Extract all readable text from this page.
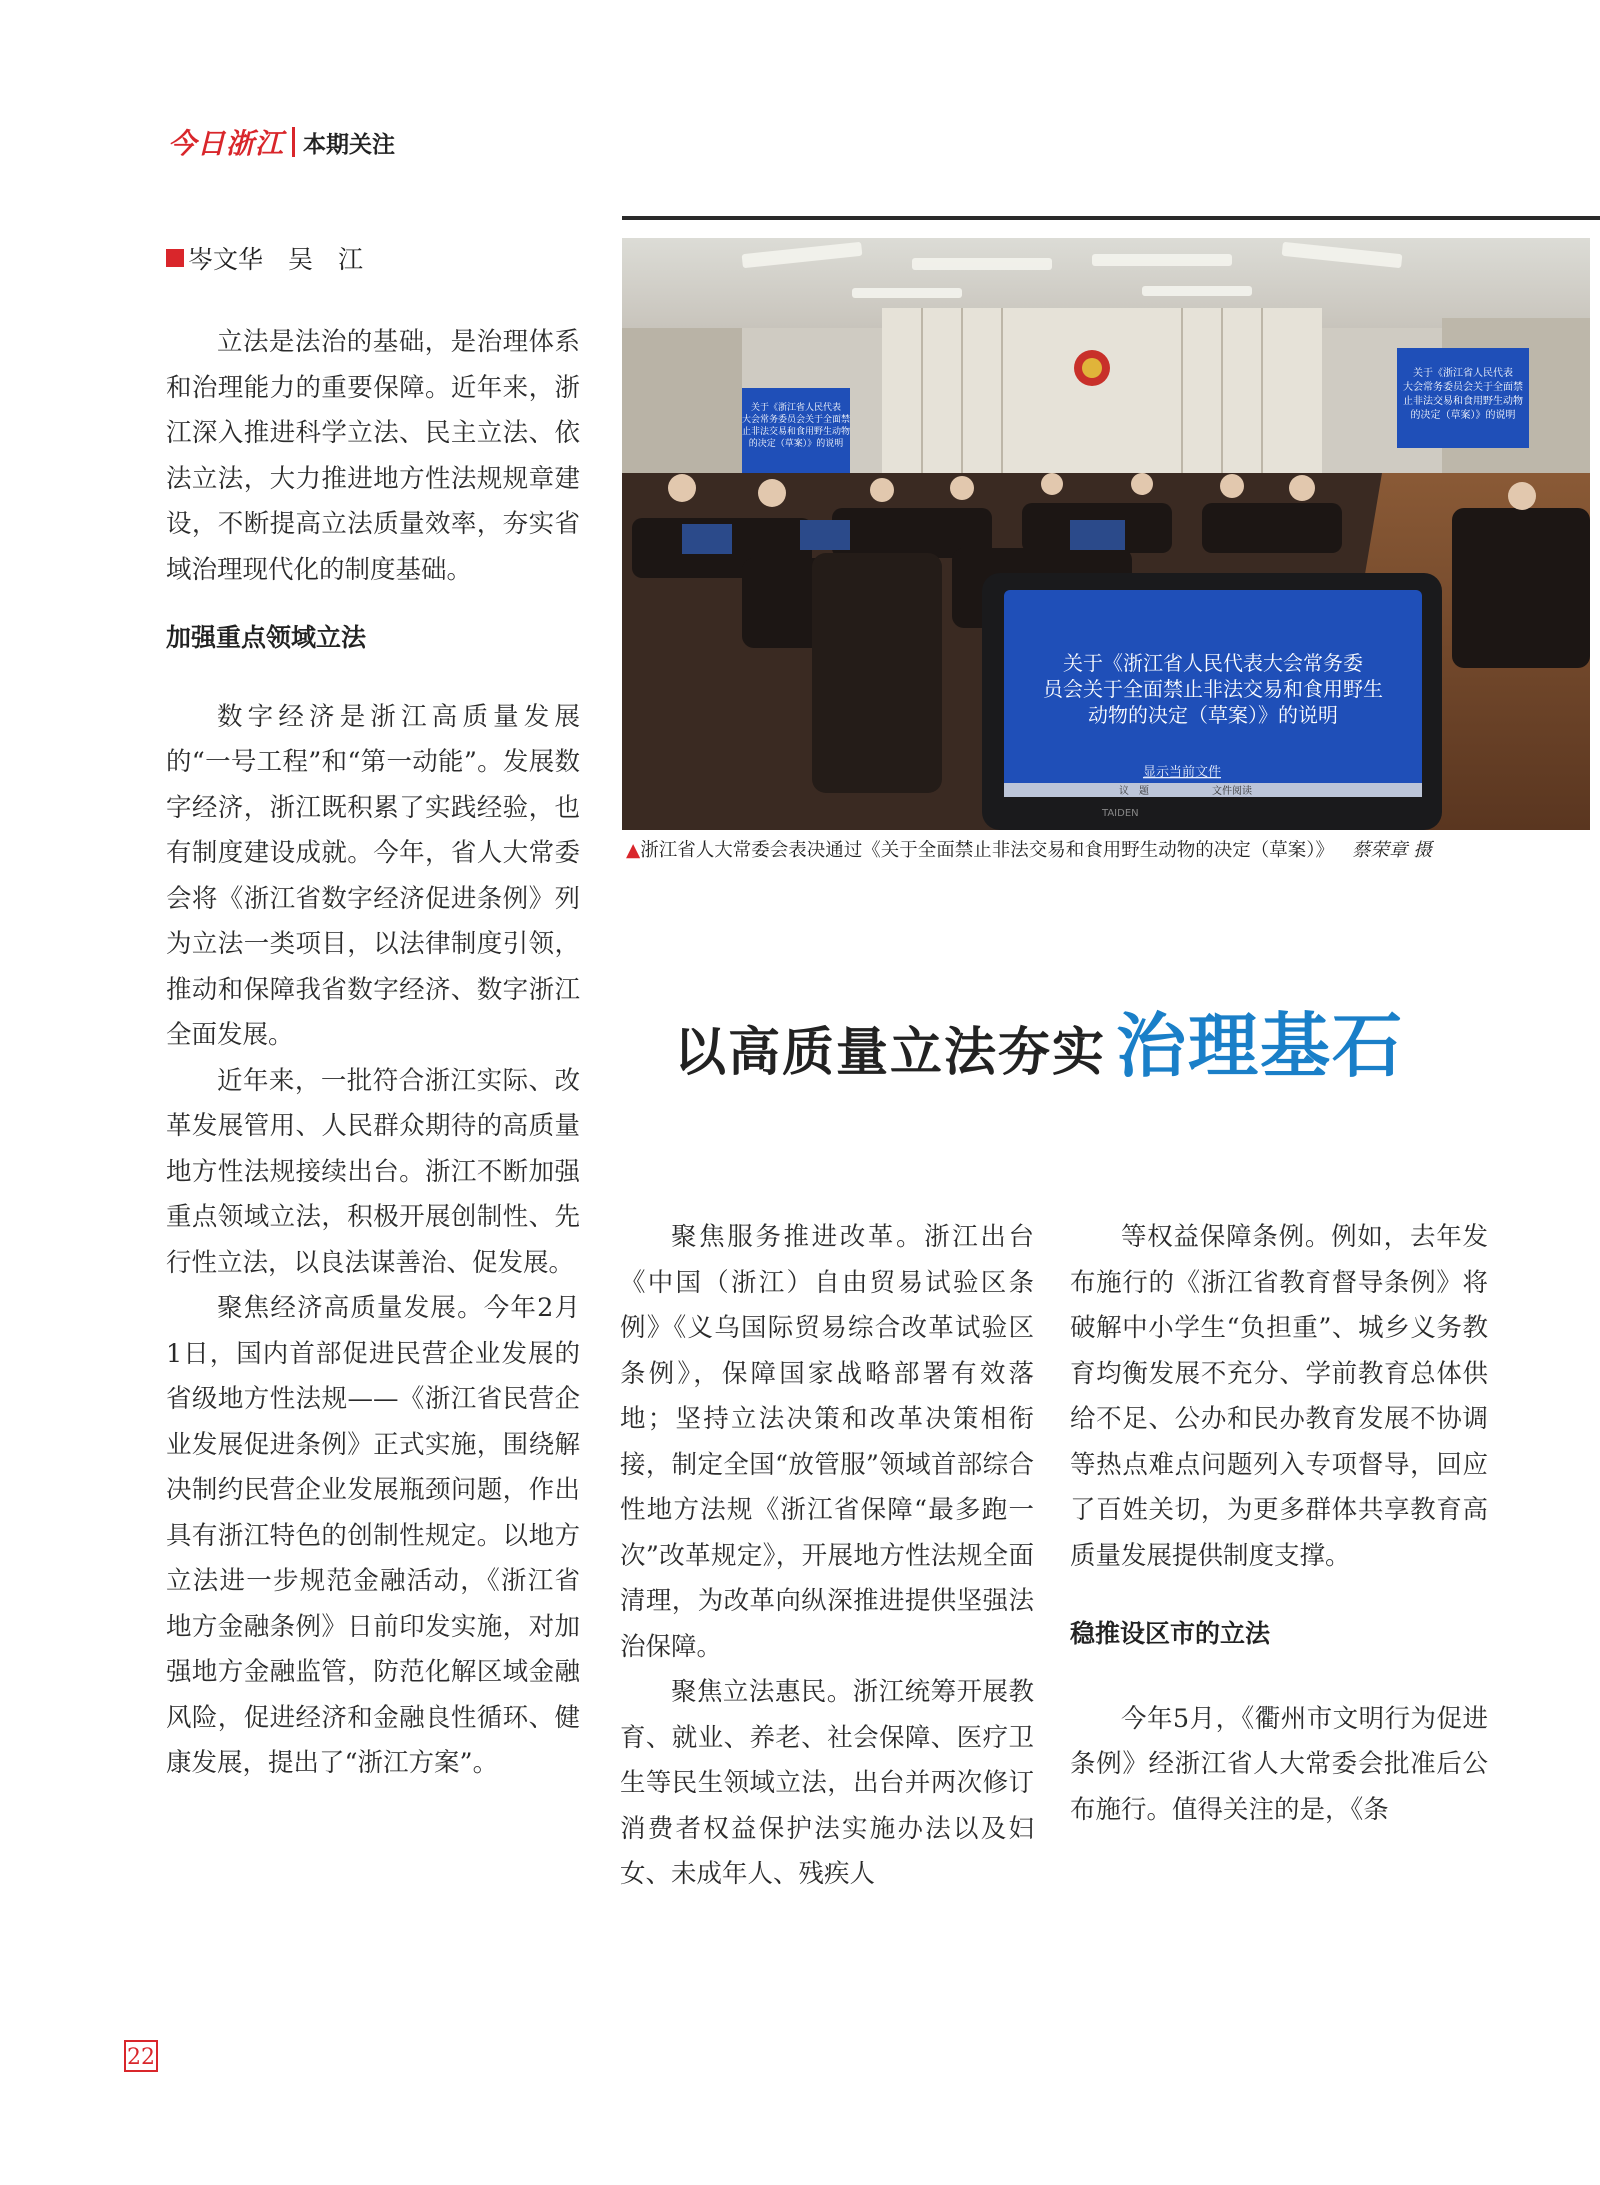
今日浙江 本期关注
岑文华　吴　江

立法是法治的基础，是治理体系和治理能力的重要保障。近年来，浙江深入推进科学立法、民主立法、依法立法，大力推进地方性法规规章建设，不断提高立法质量效率，夯实省域治理现代化的制度基础。

加强重点领域立法

数字经济是浙江高质量发展的“一号工程”和“第一动能”。发展数字经济，浙江既积累了实践经验，也有制度建设成就。今年，省人大常委会将《浙江省数字经济促进条例》列为立法一类项目，以法律制度引领，推动和保障我省数字经济、数字浙江全面发展。

近年来，一批符合浙江实际、改革发展管用、人民群众期待的高质量地方性法规接续出台。浙江不断加强重点领域立法，积极开展创制性、先行性立法，以良法谋善治、促发展。

聚焦经济高质量发展。今年2月1日，国内首部促进民营企业发展的省级地方性法规——《浙江省民营企业发展促进条例》正式实施，围绕解决制约民营企业发展瓶颈问题，作出具有浙江特色的创制性规定。以地方立法进一步规范金融活动，《浙江省地方金融条例》日前印发实施，对加强地方金融监管，防范化解区域金融风险，促进经济和金融良性循环、健康发展，提出了“浙江方案”。

关于《浙江省人民代表大会常务委员会关于全面禁止非法交易和食用野生动物的决定（草案）》的说明
关于《浙江省人民代表大会常务委员会关于全面禁止非法交易和食用野生动物的决定（草案）》的说明
关于《浙江省人民代表大会常务委员会关于全面禁止非法交易和食用野生动物的决定（草案）》的说明
显示当前文件
议　题	文件阅读
TAIDEN
▲浙江省人大常委会表决通过《关于全面禁止非法交易和食用野生动物的决定（草案）》 蔡荣章 摄
以高质量立法夯实 治理基石

聚焦服务推进改革。浙江出台《中国（浙江）自由贸易试验区条例》《义乌国际贸易综合改革试验区条例》，保障国家战略部署有效落地；坚持立法决策和改革决策相衔接，制定全国“放管服”领域首部综合性地方法规《浙江省保障“最多跑一次”改革规定》，开展地方性法规全面清理，为改革向纵深推进提供坚强法治保障。

聚焦立法惠民。浙江统筹开展教育、就业、养老、社会保障、医疗卫生等民生领域立法，出台并两次修订消费者权益保护法实施办法以及妇女、未成年人、残疾人

等权益保障条例。例如，去年发布施行的《浙江省教育督导条例》将破解中小学生“负担重”、城乡义务教育均衡发展不充分、学前教育总体供给不足、公办和民办教育发展不协调等热点难点问题列入专项督导，回应了百姓关切，为更多群体共享教育高质量发展提供制度支撑。

稳推设区市的立法

今年5月，《衢州市文明行为促进条例》经浙江省人大常委会批准后公布施行。值得关注的是，《条

22
